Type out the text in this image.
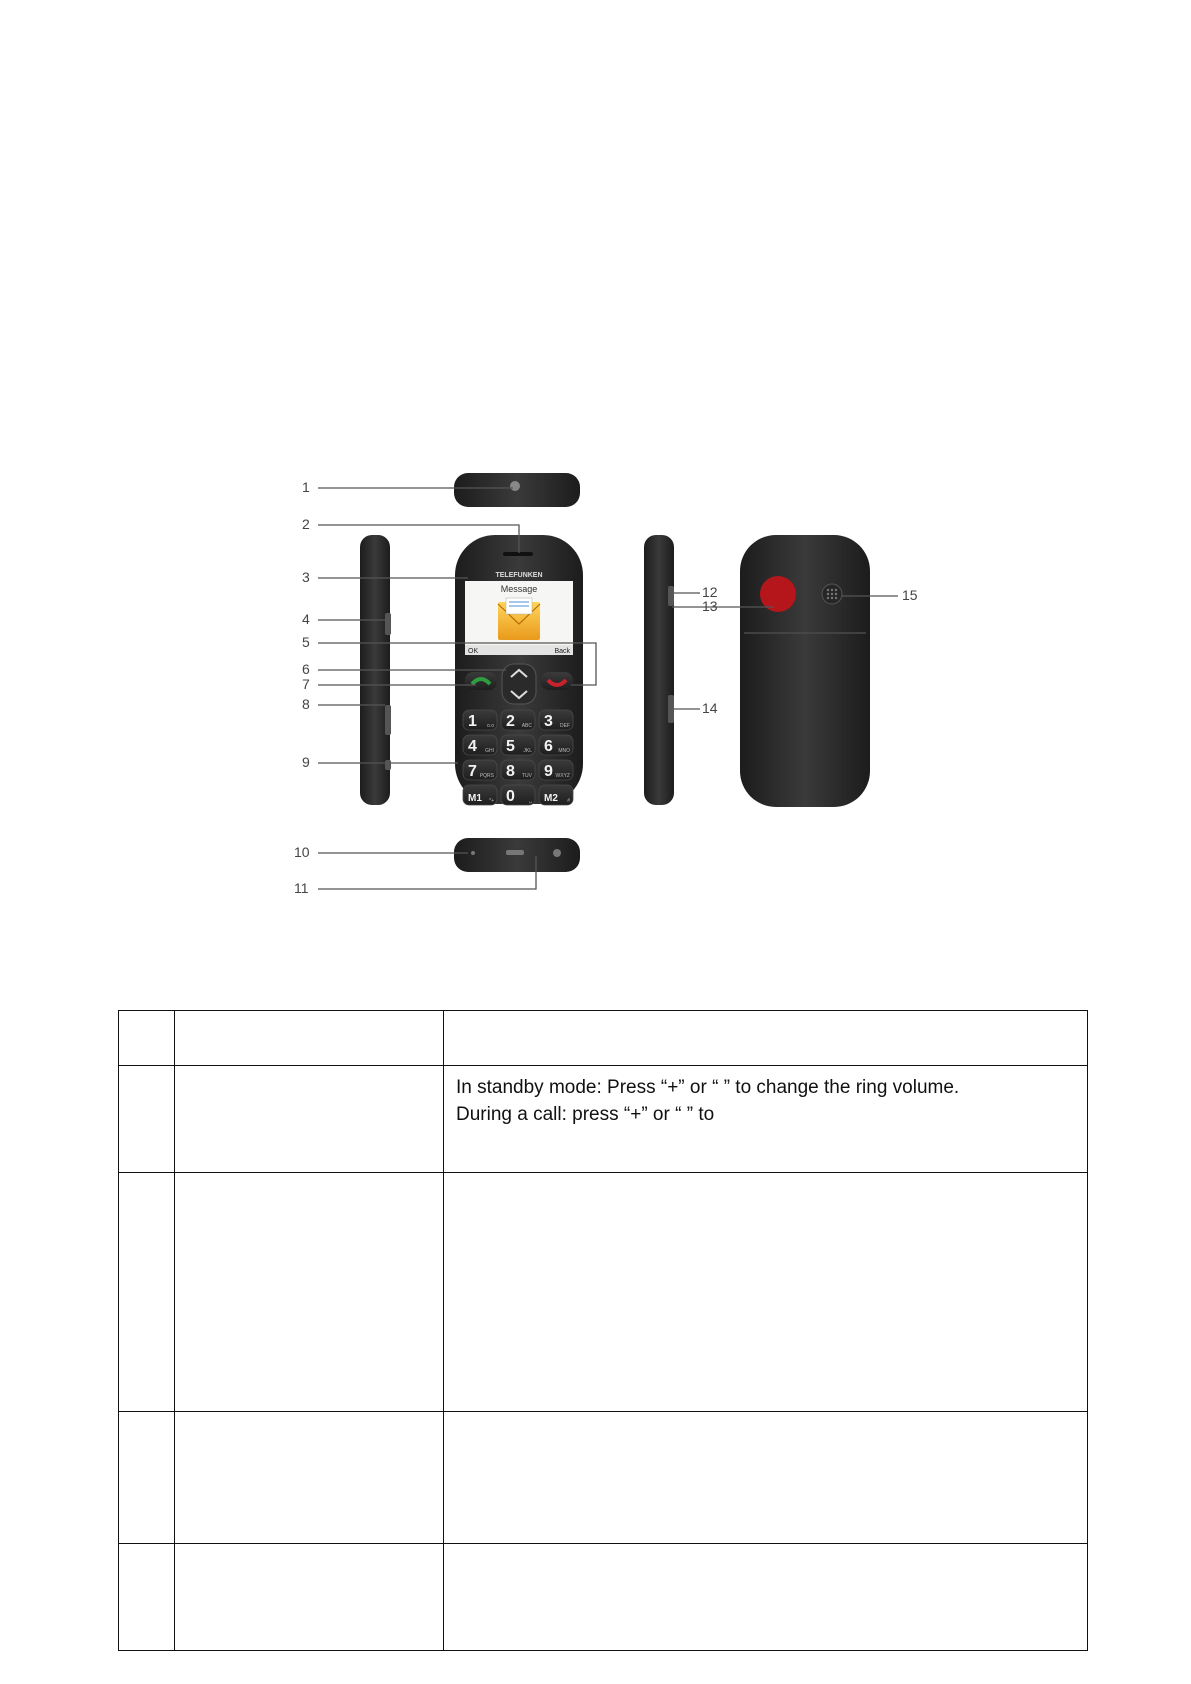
TELEFUNKEN
Message
OK	Back
1 o.o 2 ABC 3 DEF
4 GHI 5 JKL 6 MNO
7 PQRS 8 TUV 9 WXYZ
M1 *+ 0	␣ M2 #
1
2
3
4
5
6
7
8
9
10
11
12
13
14
15

		In standby mode: Press “+” or “ ” to change the ring volume.
During a call: press “+” or “ ” to
